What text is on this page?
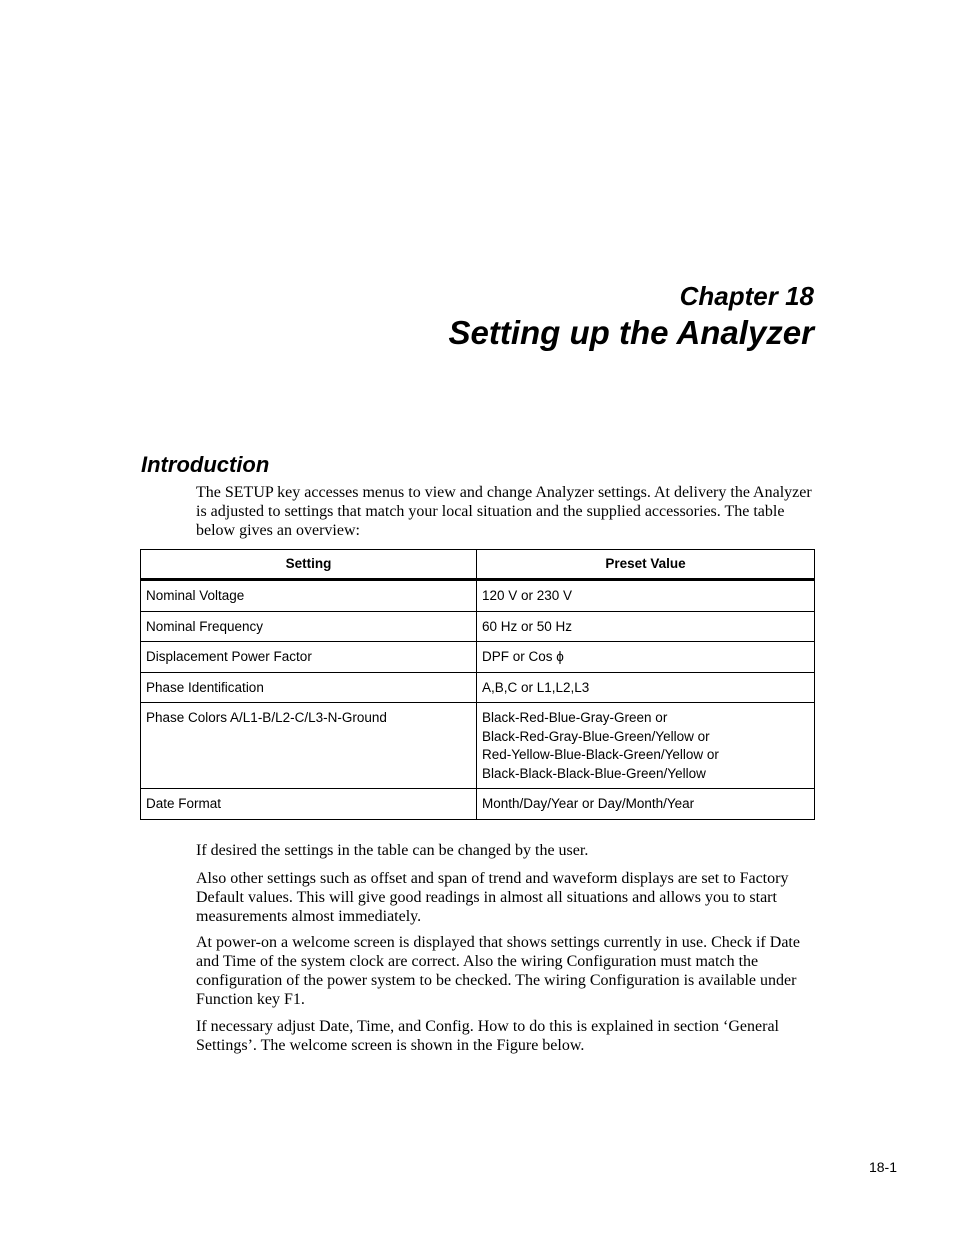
Chapter 18
Setting up the Analyzer
Introduction

The SETUP key accesses menus to view and change Analyzer settings. At delivery the Analyzer is adjusted to settings that match your local situation and the supplied accessories. The table below gives an overview:

Setting	Preset Value
Nominal Voltage	120 V or 230 V
Nominal Frequency	60 Hz or 50 Hz
Displacement Power Factor	DPF or Cos ϕ
Phase Identification	A,B,C or L1,L2,L3
Phase Colors A/L1-B/L2-C/L3-N-Ground	Black-Red-Blue-Gray-Green or
Black-Red-Gray-Blue-Green/Yellow or
Red-Yellow-Blue-Black-Green/Yellow or
Black-Black-Black-Blue-Green/Yellow

Date Format	Month/Day/Year or Day/Month/Year

If desired the settings in the table can be changed by the user.

Also other settings such as offset and span of trend and waveform displays are set to Factory Default values. This will give good readings in almost all situations and allows you to start measurements almost immediately.

At power-on a welcome screen is displayed that shows settings currently in use. Check if Date and Time of the system clock are correct. Also the wiring Configuration must match the configuration of the power system to be checked. The wiring Configuration is available under Function key F1.

If necessary adjust Date, Time, and Config. How to do this is explained in section ‘General Settings’. The welcome screen is shown in the Figure below.

18-1
